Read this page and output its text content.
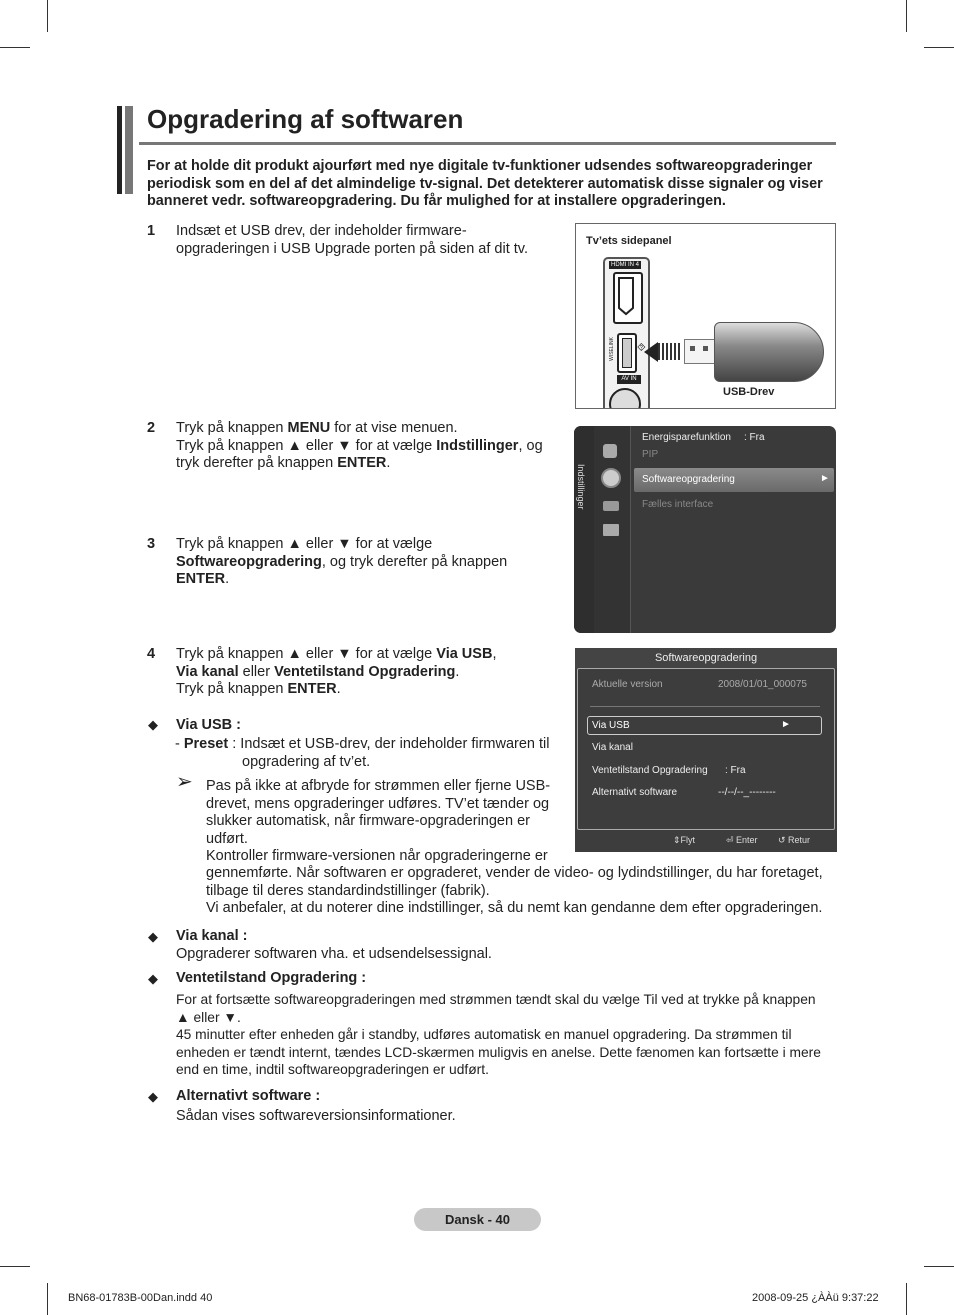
Opgradering af softwaren
For at holde dit produkt ajourført med nye digitale tv-funktioner udsendes softwareopgraderinger periodisk som en del af det almindelige tv-signal. Det detekterer automatisk disse signaler og viser banneret vedr. softwareopgradering. Du får mulighed for at installere opgraderingen.
1 Indsæt et USB drev, der indeholder firmware-
opgraderingen i USB Upgrade porten på siden af dit tv.	Tv’ets sidepanel
HDMI IN 4
WISELINK ⯑
AV IN
USB-Drev
2 Tryk på knappen MENU for at vise menuen.
Tryk på knappen ▲ eller ▼ for at vælge Indstillinger, og
tryk derefter på knappen ENTER.
Indstillinger
Energisparefunktion : Fra
PIP
Softwareopgradering	►
Fælles interface
3 Tryk på knappen ▲ eller ▼ for at vælge
Softwareopgradering, og tryk derefter på knappen
ENTER.
4 Tryk på knappen ▲ eller ▼ for at vælge Via USB,
Via kanal eller Ventetilstand Opgradering.
Tryk på knappen ENTER.
Softwareopgradering
Aktuelle version	2008/01/01_000075
Via USB	►
Via kanal
Ventetilstand Opgradering : Fra
Alternativt software	--/--/--_--------
⇕Flyt	⏎ Enter ↺ Retur
◆ Via USB :
- Preset : Indsæt et USB-drev, der indeholder firmwaren til
opgradering af tv’et.
➢ Pas på ikke at afbryde for strømmen eller fjerne USB-
drevet, mens opgraderinger udføres. TV’et tænder og
slukker automatisk, når firmware-opgraderingen er
udført.
Kontroller firmware-versionen når opgraderingerne er
gennemførte. Når softwaren er opgraderet, vender de video- og lydindstillinger, du har foretaget,
tilbage til deres standardindstillinger (fabrik).
Vi anbefaler, at du noterer dine indstillinger, så du nemt kan gendanne dem efter opgraderingen.
◆ Via kanal :
Opgraderer softwaren vha. et udsendelsessignal.
◆ Ventetilstand Opgradering :
For at fortsætte softwareopgraderingen med strømmen tændt skal du vælge Til ved at trykke på knappen
▲ eller ▼.
45 minutter efter enheden går i standby, udføres automatisk en manuel opgradering. Da strømmen til
enheden er tændt internt, tændes LCD-skærmen muligvis en anelse. Dette fænomen kan fortsætte i mere
end en time, indtil softwareopgraderingen er udført.
◆ Alternativt software :
Sådan vises softwareversionsinformationer.
Dansk - 40
BN68-01783B-00Dan.indd 40	2008-09-25 ¿ÀÀü 9:37:22
